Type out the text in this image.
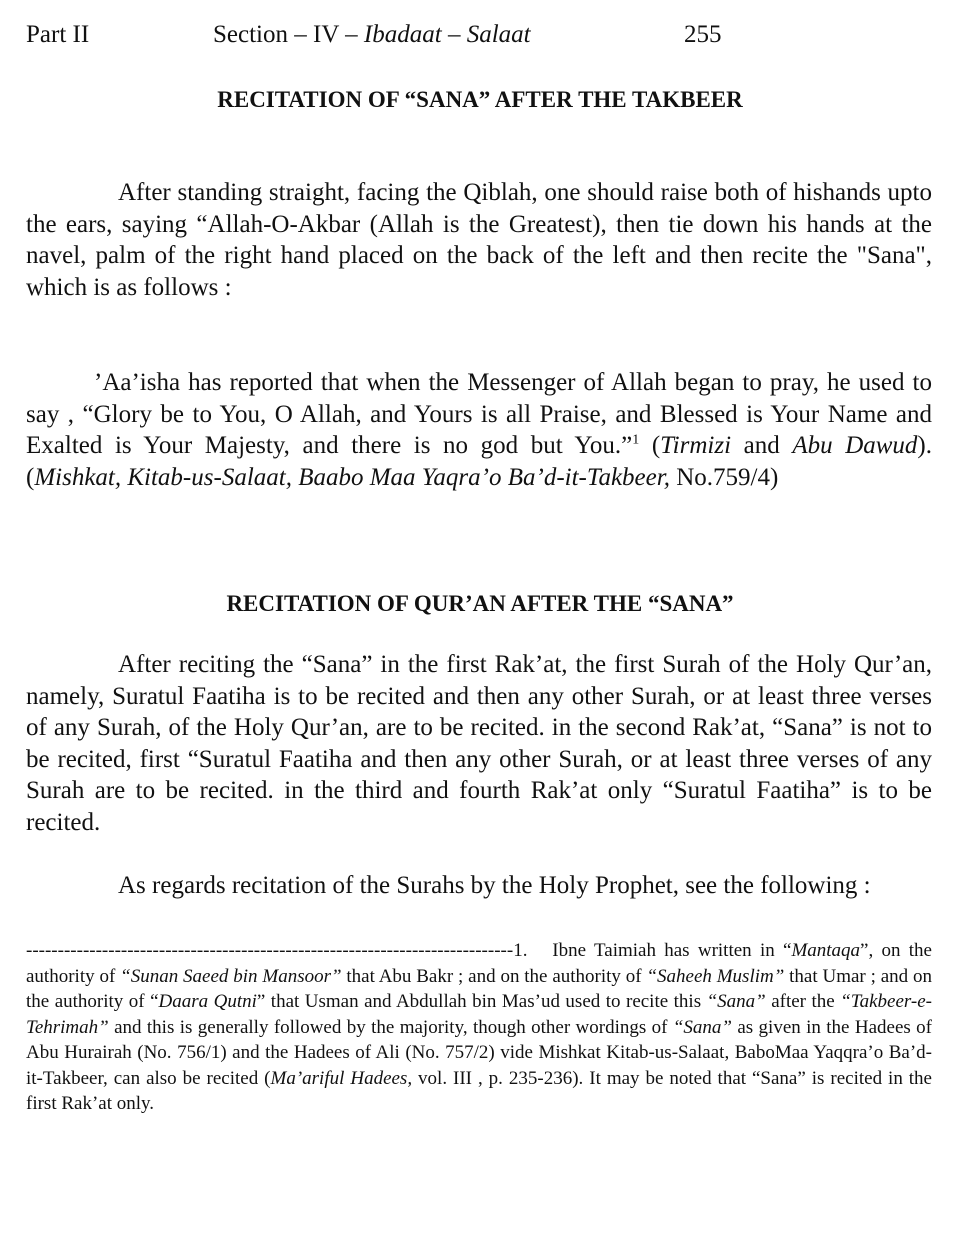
Part II	Section – IV – Ibadaat – Salaat	255
RECITATION OF “SANA” AFTER THE TAKBEER

After standing straight, facing the Qiblah, one should raise both of hishands upto the ears, saying “Allah-O-Akbar (Allah is the Greatest), then tie down his hands at the navel, palm of the right hand placed on the back of the left and then recite the "Sana", which is as follows :

’Aa’isha has reported that when the Messenger of Allah began to pray, he used to say , “Glory be to You, O Allah, and Yours is all Praise, and Blessed is Your Name and Exalted is Your Majesty, and there is no god but You.”$^1$ (Tirmizi and Abu Dawud). (Mishkat, Kitab-us-Salaat, Baabo Maa Yaqra’o Ba’d-it-Takbeer, No.759/4)

RECITATION OF QUR’AN AFTER THE “SANA”

After reciting the “Sana” in the first Rak’at, the first Surah of the Holy Qur’an, namely, Suratul Faatiha is to be recited and then any other Surah, or at least three verses of any Surah, of the Holy Qur’an, are to be recited. in the second Rak’at, “Sana” is not to be recited, first “Suratul Faatiha and then any other Surah, or at least three verses of any Surah are to be recited. in the third and fourth Rak’at only “Suratul Faatiha” is to be recited.

As regards recitation of the Surahs by the Holy Prophet, see the following :

-----------------------------------------------------------------------------1. Ibne Taimiah has written in “Mantaqa”, on the authority of “Sunan Saeed bin Mansoor” that Abu Bakr ; and on the authority of “Saheeh Muslim” that Umar ; and on the authority of “Daara Qutni” that Usman and Abdullah bin Mas’ud used to recite this “Sana” after the “Takbeer-e-Tehrimah” and this is generally followed by the majority, though other wordings of “Sana” as given in the Hadees of Abu Hurairah (No. 756/1) and the Hadees of Ali (No. 757/2) vide Mishkat Kitab-us-Salaat, BaboMaa Yaqqra’o Ba’d-it-Takbeer, can also be recited (Ma’ariful Hadees, vol. III , p. 235-236). It may be noted that “Sana” is recited in the first Rak’at only.
